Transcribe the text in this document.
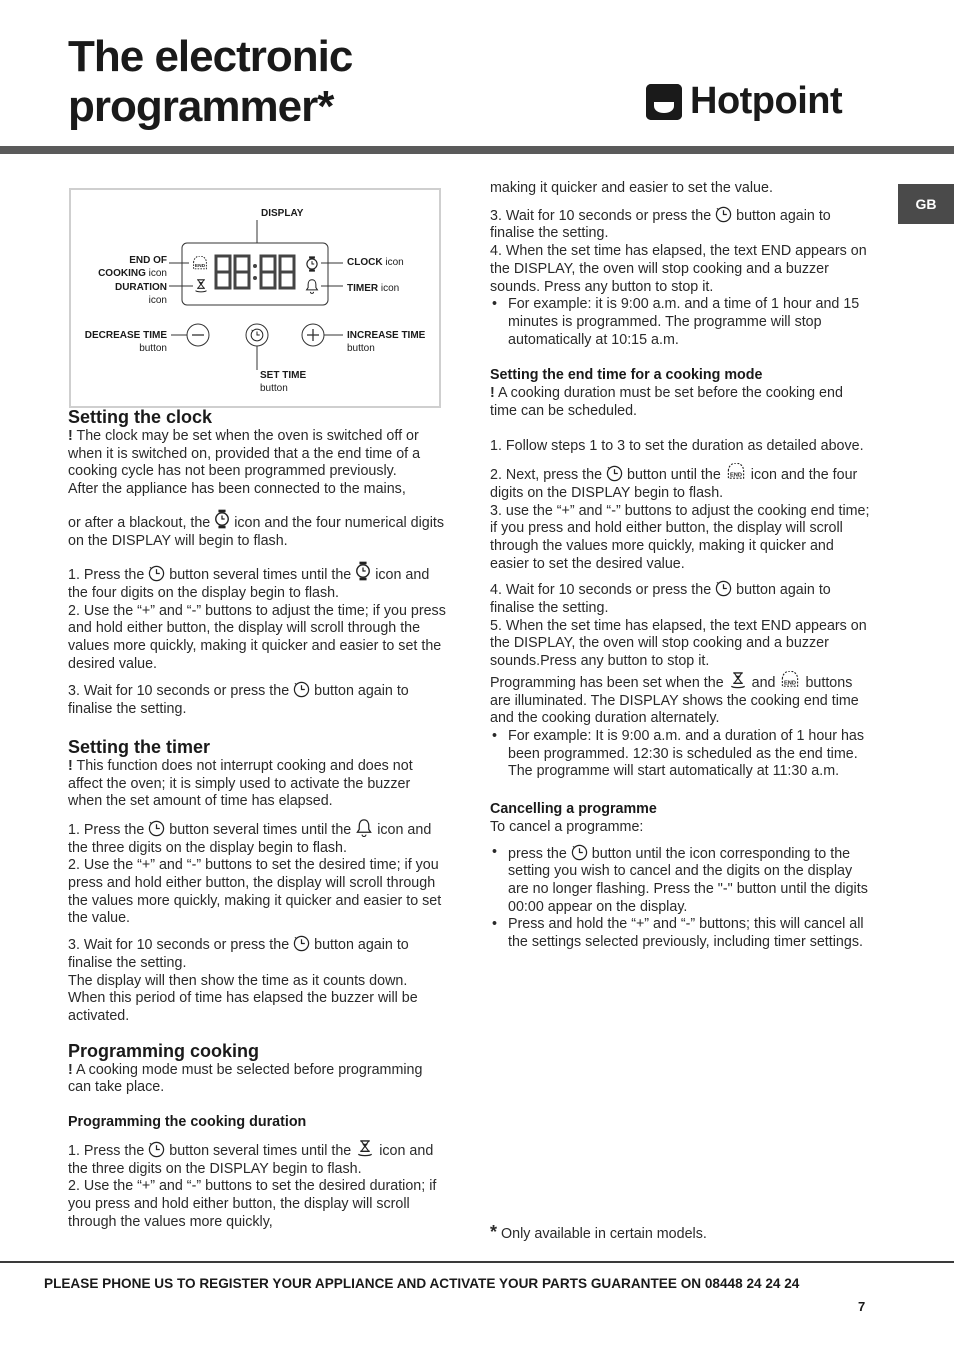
The electronic
programmer*	Hotpoint
GB
DISPLAY
END OF
COOKING icon
DURATION
icon
CLOCK icon
TIMER icon
DECREASE TIME
button
INCREASE TIME
button
SET TIME
button
Setting the clock

! The clock may be set when the oven is switched off or when it is switched on, provided that a the end time of a cooking cycle has not been programmed previously.

After the appliance has been connected to the mains,

or after a blackout, the icon and the four numerical digits on the DISPLAY will begin to flash.

1. Press the button several times until the icon and the four digits on the display begin to flash.

2. Use the “+” and “-” buttons to adjust the time; if you press and hold either button, the display will scroll through the values more quickly, making it quicker and easier to set the desired value.

3. Wait for 10 seconds or press the button again to finalise the setting.

Setting the timer

! This function does not interrupt cooking and does not affect the oven; it is simply used to activate the buzzer when the set amount of time has elapsed.

1. Press the button several times until the icon and the three digits on the display begin to flash.

2. Use the “+” and “-” buttons to set the desired time; if you press and hold either button, the display will scroll through the values more quickly, making it quicker and easier to set the value.

3. Wait for 10 seconds or press the button again to finalise the setting.

The display will then show the time as it counts down. When this period of time has elapsed the buzzer will be activated.

Programming cooking

! A cooking mode must be selected before programming can take place.

Programming the cooking duration

1. Press the button several times until the icon and the three digits on the DISPLAY begin to flash.

2. Use the “+” and “-” buttons to set the desired duration; if you press and hold either button, the display will scroll through the values more quickly,

making it quicker and easier to set the value.

3. Wait for 10 seconds or press the button again to finalise the setting.

4. When the set time has elapsed, the text END appears on the DISPLAY, the oven will stop cooking and a buzzer sounds. Press any button to stop it.

• For example: it is 9:00 a.m. and a time of 1 hour and 15 minutes is programmed. The programme will stop automatically at 10:15 a.m.

Setting the end time for a cooking mode

! A cooking duration must be set before the cooking end time can be scheduled.

1. Follow steps 1 to 3 to set the duration as detailed above.

2. Next, press the button until the icon and the four digits on the DISPLAY begin to flash.

3. use the “+” and “-” buttons to adjust the cooking end time; if you press and hold either button, the display will scroll through the values more quickly, making it quicker and easier to set the desired value.

4. Wait for 10 seconds or press the button again to finalise the setting.

5. When the set time has elapsed, the text END appears on the DISPLAY, the oven will stop cooking and a buzzer sounds.Press any button to stop it.

Programming has been set when the and buttons are illuminated. The DISPLAY shows the cooking end time and the cooking duration alternately.

• For example: It is 9:00 a.m. and a duration of 1 hour has been programmed. 12:30 is scheduled as the end time. The programme will start automatically at 11:30 a.m.

Cancelling a programme

To cancel a programme:

• press the button until the icon corresponding to the setting you wish to cancel and the digits on the display are no longer flashing. Press the "-" button until the digits 00:00 appear on the display.

• Press and hold the “+” and “-” buttons; this will cancel all the settings selected previously, including timer settings.

* Only available in certain models.
PLEASE PHONE US TO REGISTER YOUR APPLIANCE AND ACTIVATE YOUR PARTS GUARANTEE ON 08448 24 24 24
7
